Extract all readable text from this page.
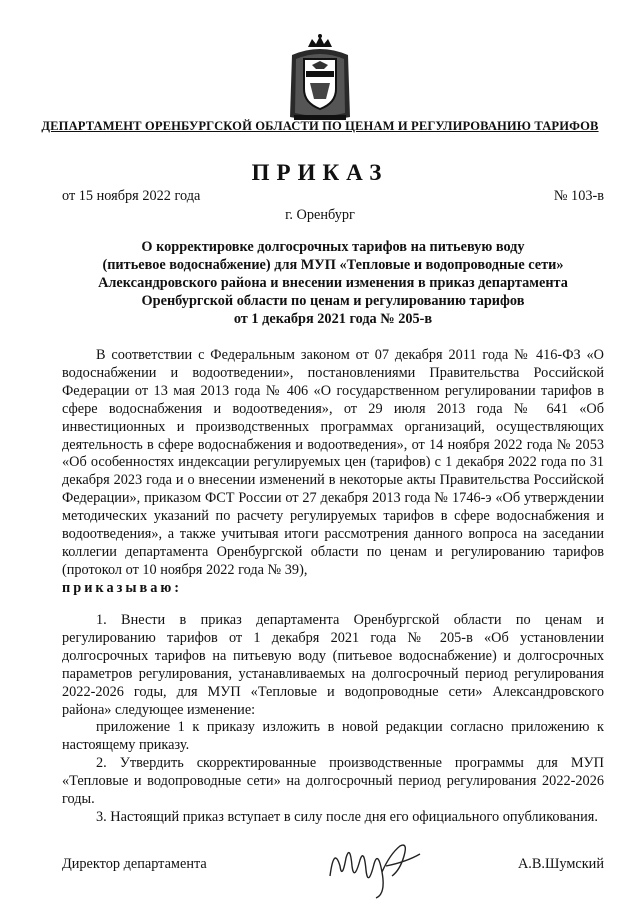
ДЕПАРТАМЕНТ ОРЕНБУРГСКОЙ ОБЛАСТИ ПО ЦЕНАМ И РЕГУЛИРОВАНИЮ ТАРИФОВ
ПРИКАЗ
от 15 ноября 2022 года	№ 103-в
г. Оренбург
О корректировке долгосрочных тарифов на питьевую воду
(питьевое водоснабжение) для МУП «Тепловые и водопроводные сети»
Александровского района и внесении изменения в приказ департамента
Оренбургской области по ценам и регулированию тарифов
от 1 декабря 2021 года № 205-в

В соответствии с Федеральным законом от 07 декабря 2011 года № 416-ФЗ «О водоснабжении и водоотведении», постановлениями Правительства Российской Федерации от 13 мая 2013 года № 406 «О государственном регулировании тарифов в сфере водоснабжения и водоотведения», от 29 июля 2013 года № 641 «Об инвестиционных и производственных программах организаций, осуществляющих деятельность в сфере водоснабжения и водоотведения», от 14 ноября 2022 года № 2053 «Об особенностях индексации регулируемых цен (тарифов) с 1 декабря 2022 года по 31 декабря 2023 года и о внесении изменений в некоторые акты Правительства Российской Федерации», приказом ФСТ России от 27 декабря 2013 года № 1746-э «Об утверждении методических указаний по расчету регулируемых тарифов в сфере водоснабжения и водоотведения», а также учитывая итоги рассмотрения данного вопроса на заседании коллегии департамента Оренбургской области по ценам и регулированию тарифов (протокол от 10 ноября 2022 года № 39),
приказываю:

1. Внести в приказ департамента Оренбургской области по ценам и регулированию тарифов от 1 декабря 2021 года № 205-в «Об установлении долгосрочных тарифов на питьевую воду (питьевое водоснабжение) и долгосрочных параметров регулирования, устанавливаемых на долгосрочный период регулирования 2022-2026 годы, для МУП «Тепловые и водопроводные сети» Александровского района» следующее изменение:

приложение 1 к приказу изложить в новой редакции согласно приложению к настоящему приказу.

2. Утвердить скорректированные производственные программы для МУП «Тепловые и водопроводные сети» на долгосрочный период регулирования 2022-2026 годы.

3. Настоящий приказ вступает в силу после дня его официального опубликования.

Директор департамента	А.В.Шумский
